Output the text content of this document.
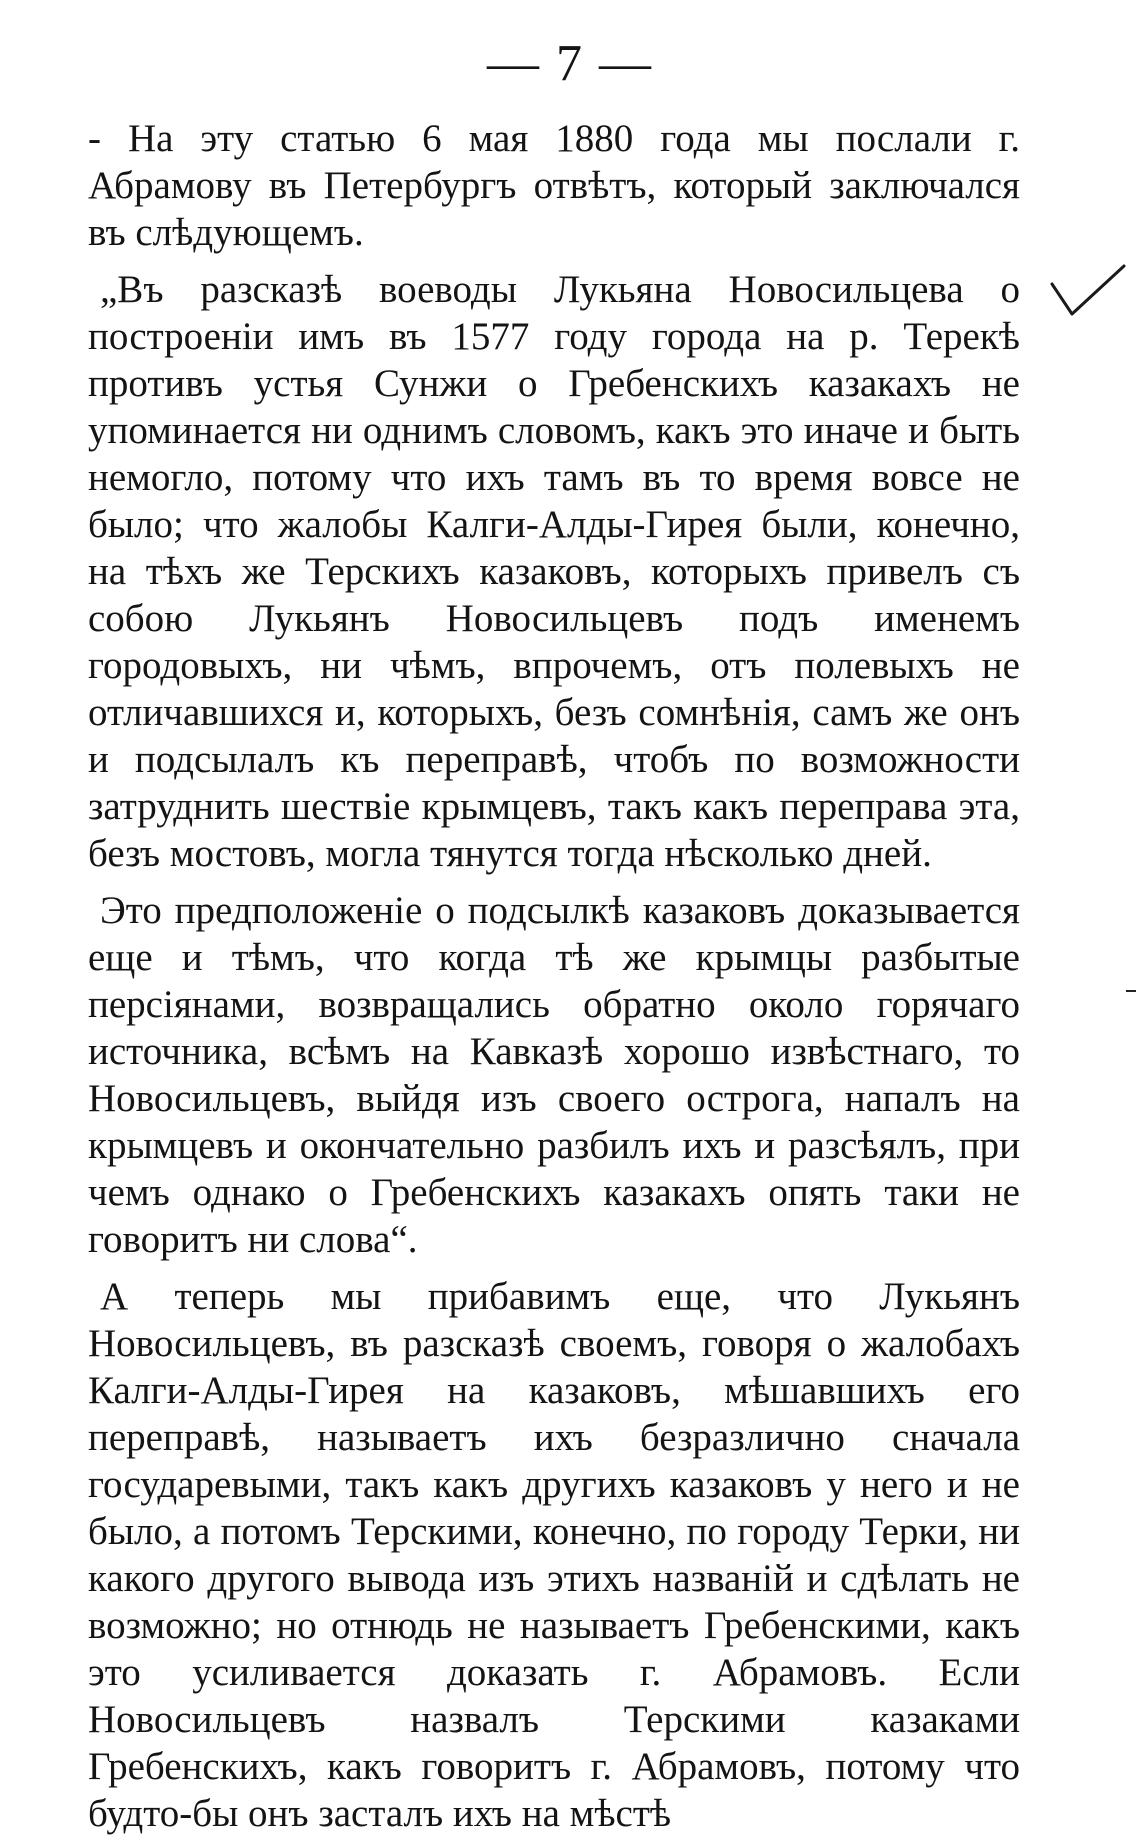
— 7 —

- На эту статью 6 мая 1880 года мы послали г. Абрамову въ Петербургъ отвѣтъ, который заключался въ слѣдующемъ.

„Въ разсказѣ воеводы Лукьяна Новосильцева о построеніи имъ въ 1577 году города на р. Терекѣ противъ устья Сунжи о Гребенскихъ казакахъ не упоминается ни однимъ словомъ, какъ это иначе и быть немогло, потому что ихъ тамъ въ то время вовсе не было; что жалобы Калги-Алды-Гирея были, конечно, на тѣхъ же Терскихъ казаковъ, которыхъ привелъ съ собою Лукьянъ Новосильцевъ подъ именемъ городовыхъ, ни чѣмъ, впрочемъ, отъ полевыхъ не отличавшихся и, которыхъ, безъ сомнѣнія, самъ же онъ и подсылалъ къ переправѣ, чтобъ по возможности затруднить шествіе крымцевъ, такъ какъ переправа эта, безъ мостовъ, могла тянутся тогда нѣсколько дней.

Это предположеніе о подсылкѣ казаковъ доказывается еще и тѣмъ, что когда тѣ же крымцы разбытые персіянами, возвращались обратно около горячаго источника, всѣмъ на Кавказѣ хорошо извѣстнаго, то Новосильцевъ, выйдя изъ своего острога, напалъ на крымцевъ и окончательно разбилъ ихъ и разсѣялъ, при чемъ однако о Гребенскихъ казакахъ опять таки не говоритъ ни слова“.

А теперь мы прибавимъ еще, что Лукьянъ Новосильцевъ, въ разсказѣ своемъ, говоря о жалобахъ Калги-Алды-Гирея на казаковъ, мѣшавшихъ его переправѣ, называетъ ихъ безразлично сначала государевыми, такъ какъ другихъ казаковъ у него и не было, а потомъ Терскими, конечно, по городу Терки, ни какого другого вывода изъ этихъ названій и сдѣлать не возможно; но отнюдь не называетъ Гребенскими, какъ это усиливается доказать г. Абрамовъ. Если Новосильцевъ назвалъ Терскими казаками Гребенскихъ, какъ говоритъ г. Абрамовъ, потому что будто-бы онъ засталъ ихъ на мѣстѣ
